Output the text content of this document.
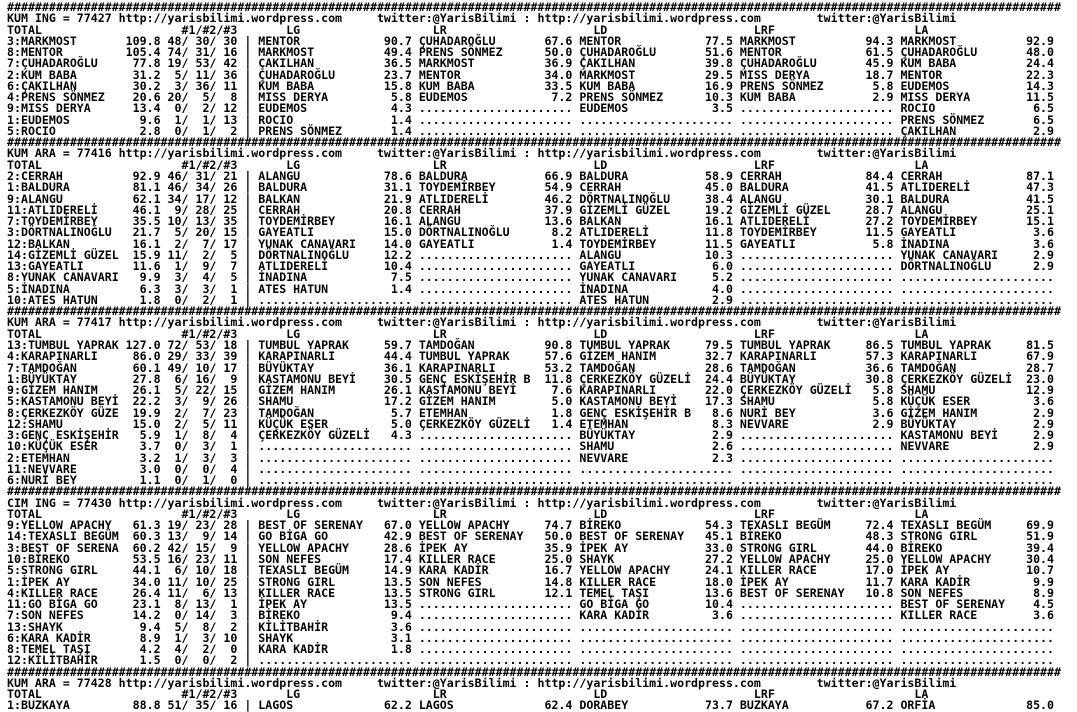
#######################################################################################################################################################
KUM ING = 77427 http://yarisbilimi.wordpress.com     twitter:@YarisBilimi : http://yarisbilimi.wordpress.com        twitter:@YarisBilimi
TOTAL                    #1/#2/#3       LG                   LR                     LD                     LRF                    LA
3:MARKMOST       109.8 48/ 30/ 30 | MENTOR            90.7 ÇUHADAROĞLU       67.6 MENTOR            77.5 MARKMOST          94.3 MARKMOST          92.9
8:MENTOR         105.4 74/ 31/ 16 | MARKMOST          49.4 PRENS SÖNMEZ      50.0 ÇUHADAROĞLU       51.6 MENTOR            61.5 ÇUHADAROĞLU       48.0
7:ÇUHADAROĞLU     77.8 19/ 53/ 42 | ÇAKILHAN          36.5 MARKMOST          36.9 ÇAKILHAN          39.8 ÇUHADAROĞLU       45.9 KUM BABA          24.4
2:KUM BABA        31.2  5/ 11/ 36 | ÇUHADAROĞLU       23.7 MENTOR            34.0 MARKMOST          29.5 MISS DERYA        18.7 MENTOR            22.3
6:ÇAKILHAN        30.2  3/ 36/ 11 | KUM BABA          15.8 KUM BABA          33.5 KUM BABA          16.9 PRENS SÖNMEZ       5.8 EUDEMOS           14.3
4:PRENS SÖNMEZ    20.6 20/  5/  8 | MISS DERYA         5.8 EUDEMOS            7.2 PRENS SÖNMEZ      10.3 KUM BABA           2.9 MISS DERYA        11.5
9:MISS DERYA      13.4  0/  2/ 12 | EUDEMOS            4.3 ...................... EUDEMOS            3.5 ...................... ROCIO              6.5
1:EUDEMOS          9.6  1/  1/ 13 | ROCIO              1.4 ...................... ...................... ...................... PRENS SÖNMEZ       6.5
5:ROCIO            2.8  0/  1/  2 | PRENS SÖNMEZ       1.4 ...................... ...................... ...................... ÇAKILHAN           2.9
#######################################################################################################################################################
KUM ARA = 77416 http://yarisbilimi.wordpress.com     twitter:@YarisBilimi : http://yarisbilimi.wordpress.com        twitter:@YarisBilimi
TOTAL                    #1/#2/#3       LG                   LR                     LD                     LRF                    LA
2:CERRAH          92.9 46/ 31/ 21 | ALANGU            78.6 BALDURA           66.9 BALDURA           58.9 CERRAH            84.4 CERRAH            87.1
1:BALDURA         81.1 46/ 34/ 26 | BALDURA           31.1 TOYDEMİRBEY       54.9 CERRAH            45.0 BALDURA           41.5 ATLIDERELİ        47.3
9:ALANGU          62.1 34/ 17/ 12 | BALKAN            21.9 ATLIDERELİ        46.2 DÖRTNALINOĞLU     38.4 ALANGU            30.1 BALDURA           41.5
11:ATLIDERELİ     46.1  9/ 28/ 25 | CERRAH            20.8 CERRAH            37.9 GİZEMLİ GÜZEL     19.2 GİZEMLİ GÜZEL     28.7 ALANGU            25.1
7:TOYDEMİRBEY     35.5 10/ 13/ 35 | TOYDEMİRBEY       16.1 ALANGU            13.6 BALKAN            16.1 ATLIDERELİ        27.2 TOYDEMİRBEY       15.1
3:DÖRTNALINOĞLU   21.7  5/ 20/ 15 | GAYEATLI          15.0 DÖRTNALINOĞLU      8.2 ATLIDERELİ        11.8 TOYDEMİRBEY       11.5 GAYEATLI           3.6
12:BALKAN         16.1  2/  7/ 17 | YUNAK CANAVARI    14.0 GAYEATLI           1.4 TOYDEMİRBEY       11.5 GAYEATLI           5.8 İNADINA            3.6
14:GİZEMLİ GÜZEL  15.9 11/  2/  5 | DÖRTNALINOĞLU     12.2 ...................... ALANGU            10.3 ...................... YUNAK CANAVARI     2.9
13:GAYEATLI       11.6  1/  9/  7 | ATLIDERELİ        10.4 ...................... GAYEATLI           6.0 ...................... DÖRTNALINOĞLU      2.9
8:YUNAK CANAVARI   9.9  3/  4/  5 | İNADINA            7.5 ...................... YUNAK CANAVARI     5.2 ...................... ......................
5:İNADINA          6.3  3/  3/  1 | ATES HATUN         1.4 ...................... İNADINA            4.0 ...................... ......................
10:ATES HATUN      1.8  0/  2/  1 | ...................... ...................... ATES HATUN         2.9 ...................... ......................
#######################################################################################################################################################
KUM ARA = 77417 http://yarisbilimi.wordpress.com     twitter:@YarisBilimi : http://yarisbilimi.wordpress.com        twitter:@YarisBilimi
TOTAL                    #1/#2/#3       LG                   LR                     LD                     LRF                    LA
13:TUMBUL YAPRAK 127.0 72/ 53/ 18 | TUMBUL YAPRAK     59.7 TAMDOĞAN          90.8 TUMBUL YAPRAK     79.5 TUMBUL YAPRAK     86.5 TUMBUL YAPRAK     81.5
4:KARAPINARLI     86.0 29/ 33/ 39 | KARAPINARLI       44.4 TUMBUL YAPRAK     57.6 GİZEM HANIM       32.7 KARAPINARLI       57.3 KARAPINARLI       67.9
7:TAMDOĞAN        60.1 49/ 10/ 17 | BÜYÜKTAY          36.1 KARAPINARLI       53.2 TAMDOĞAN          28.6 TAMDOĞAN          36.6 TAMDOĞAN          28.7
1:BÜYÜKTAY        27.8  6/ 16/  9 | KASTAMONU BEYİ    30.5 GENÇ ESKİŞEHİR B  11.8 ÇERKEZKÖY GÜZELİ  24.4 BÜYÜKTAY          30.8 ÇERKEZKÖY GÜZELİ  23.0
9:GİZEM HANIM     26.1  5/ 22/ 15 | GİZEM HANIM       26.1 KASTAMONU BEYİ     7.6 KARAPINARLI       22.0 ÇERKEZKÖY GÜZELİ   5.8 SHAMU             12.9
5:KASTAMONU BEYİ  22.2  3/  9/ 26 | SHAMU             17.2 GİZEM HANIM        5.0 KASTAMONU BEYİ    17.3 SHAMU              5.8 KÜÇÜK ESER         3.6
8:ÇERKEZKÖY GÜZE  19.9  2/  7/ 23 | TAMDOĞAN           5.7 ETEMHAN            1.8 GENÇ ESKİŞEHİR B   8.6 NURİ BEY           3.6 GİZEM HANIM        2.9
12:SHAMU          15.0  2/  5/ 11 | KÜÇÜK ESER         5.0 ÇERKEZKÖY GÜZELİ   1.4 ETEMHAN            8.3 NEVVARE            2.9 BÜYÜKTAY           2.9
3:GENÇ ESKİŞEHİR   5.9  1/  8/  4 | ÇERKEZKÖY GÜZELİ   4.3 ...................... BÜYÜKTAY           2.9 ...................... KASTAMONU BEYİ     2.9
10:KÜÇÜK ESER      3.7  0/  3/  1 | ...................... ...................... SHAMU              2.6 ...................... NEVVARE            2.9
2:ETEMHAN          3.2  1/  3/  3 | ...................... ...................... NEVVARE            2.3 ...................... ......................
11:NEVVARE         3.0  0/  0/  4 | ...................... ...................... ...................... ...................... ......................
6:NURİ BEY         1.1  0/  1/  0 | ...................... ...................... ...................... ...................... ......................
#######################################################################################################################################################
CIM ING = 77430 http://yarisbilimi.wordpress.com     twitter:@YarisBilimi : http://yarisbilimi.wordpress.com        twitter:@YarisBilimi
TOTAL                    #1/#2/#3       LG                   LR                     LD                     LRF                    LA
9:YELLOW APACHY   61.3 19/ 23/ 28 | BEST OF SERENAY   67.0 YELLOW APACHY     74.7 BİREKO            54.3 TEXASLI BEGÜM     72.4 TEXASLI BEGÜM     69.9
14:TEXASLI BEGÜM  60.3 13/  9/ 14 | GO BİGA GO        42.9 BEST OF SERENAY   50.0 BEST OF SERENAY   45.1 BİREKO            48.3 STRONG GIRL       51.9
3:BEST OF SERENA  60.2 42/ 15/  9 | YELLOW APACHY     28.6 İPEK AY           35.9 İPEK AY           33.0 STRONG GIRL       44.0 BİREKO            39.4
10:BİREKO         53.5 16/ 23/ 11 | SON NEFES         17.4 KILLER RACE       25.0 SHAYK             27.2 YELLOW APACHY     25.0 YELLOW APACHY     30.4
5:STRONG GIRL     44.1  6/ 10/ 18 | TEXASLI BEGÜM     14.9 KARA KADİR        16.7 YELLOW APACHY     24.1 KILLER RACE       17.0 İPEK AY           10.7
1:İPEK AY         34.0 11/ 10/ 25 | STRONG GIRL       13.5 SON NEFES         14.8 KILLER RACE       18.0 İPEK AY           11.7 KARA KADİR         9.9
4:KILLER RACE     26.4 11/  6/ 13 | KILLER RACE       13.5 STRONG GIRL       12.1 TEMEL TAŞI        13.6 BEST OF SERENAY   10.8 SON NEFES          8.9
11:GO BİGA GO     23.1  8/ 13/  1 | İPEK AY           13.5 ...................... GO BİGA GO        10.4 ...................... BEST OF SERENAY    4.5
7:SON NEFES       14.2  0/ 14/  3 | BİREKO             9.4 ...................... KARA KADİR         3.6 ...................... KILLER RACE        3.6
13:SHAYK           9.4  5/  8/  2 | KİLİTBAHİR         3.6 ...................... ...................... ...................... ......................
6:KARA KADİR       8.9  1/  3/ 10 | SHAYK              3.1 ...................... ...................... ...................... ......................
8:TEMEL TAŞI       4.2  4/  2/  0 | KARA KADİR         1.8 ...................... ...................... ...................... ......................
12:KİLİTBAHİR      1.5  0/  0/  2 | ...................... ...................... ...................... ...................... ......................
#######################################################################################################################################################
KUM ARA = 77428 http://yarisbilimi.wordpress.com     twitter:@YarisBilimi : http://yarisbilimi.wordpress.com        twitter:@YarisBilimi
TOTAL                    #1/#2/#3       LG                   LR                     LD                     LRF                    LA
1:BUZKAYA         88.8 51/ 35/ 16 | LAGOS             62.2 LAGOS             62.4 DORABEY           73.7 BUZKAYA           67.2 ORFİA             85.0
